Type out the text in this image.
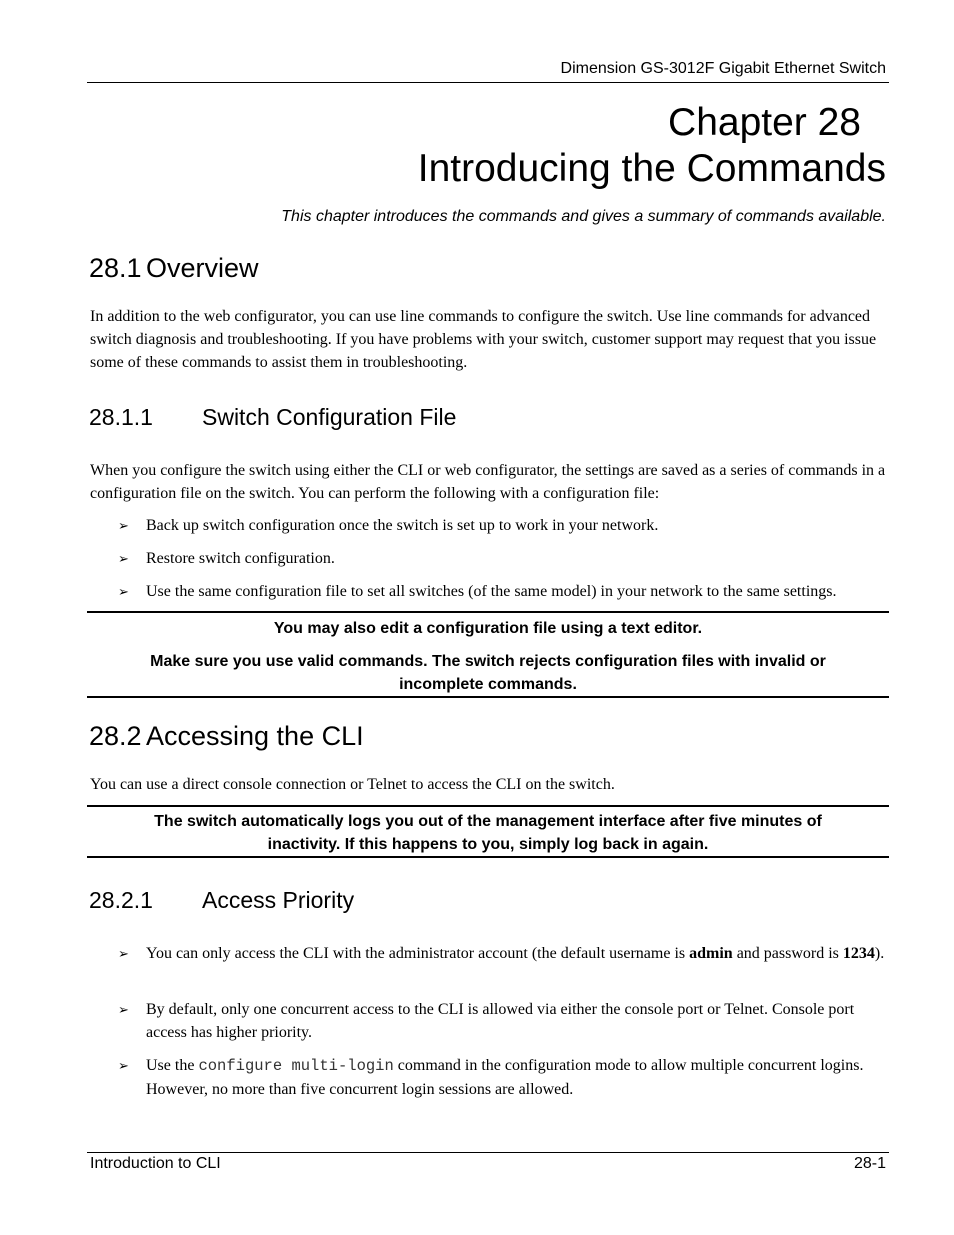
Dimension GS-3012F Gigabit Ethernet Switch
Chapter 28
Introducing the Commands
This chapter introduces the commands and gives a summary of commands available.
28.1 Overview
In addition to the web configurator, you can use line commands to configure the switch. Use line commands for advanced switch diagnosis and troubleshooting. If you have problems with your switch, customer support may request that you issue some of these commands to assist them in troubleshooting.
28.1.1 Switch Configuration File
When you configure the switch using either the CLI or web configurator, the settings are saved as a series of commands in a configuration file on the switch. You can perform the following with a configuration file:
➢ Back up switch configuration once the switch is set up to work in your network.
➢ Restore switch configuration.
➢ Use the same configuration file to set all switches (of the same model) in your network to the same settings.
You may also edit a configuration file using a text editor.
Make sure you use valid commands. The switch rejects configuration files with invalid or incomplete commands.
28.2 Accessing the CLI
You can use a direct console connection or Telnet to access the CLI on the switch.
The switch automatically logs you out of the management interface after five minutes of inactivity. If this happens to you, simply log back in again.
28.2.1 Access Priority
➢ You can only access the CLI with the administrator account (the default username is admin and password is 1234).
➢ By default, only one concurrent access to the CLI is allowed via either the console port or Telnet. Console port access has higher priority.
➢ Use the configure multi-login command in the configuration mode to allow multiple concurrent logins. However, no more than five concurrent login sessions are allowed.
Introduction to CLI	28-1
